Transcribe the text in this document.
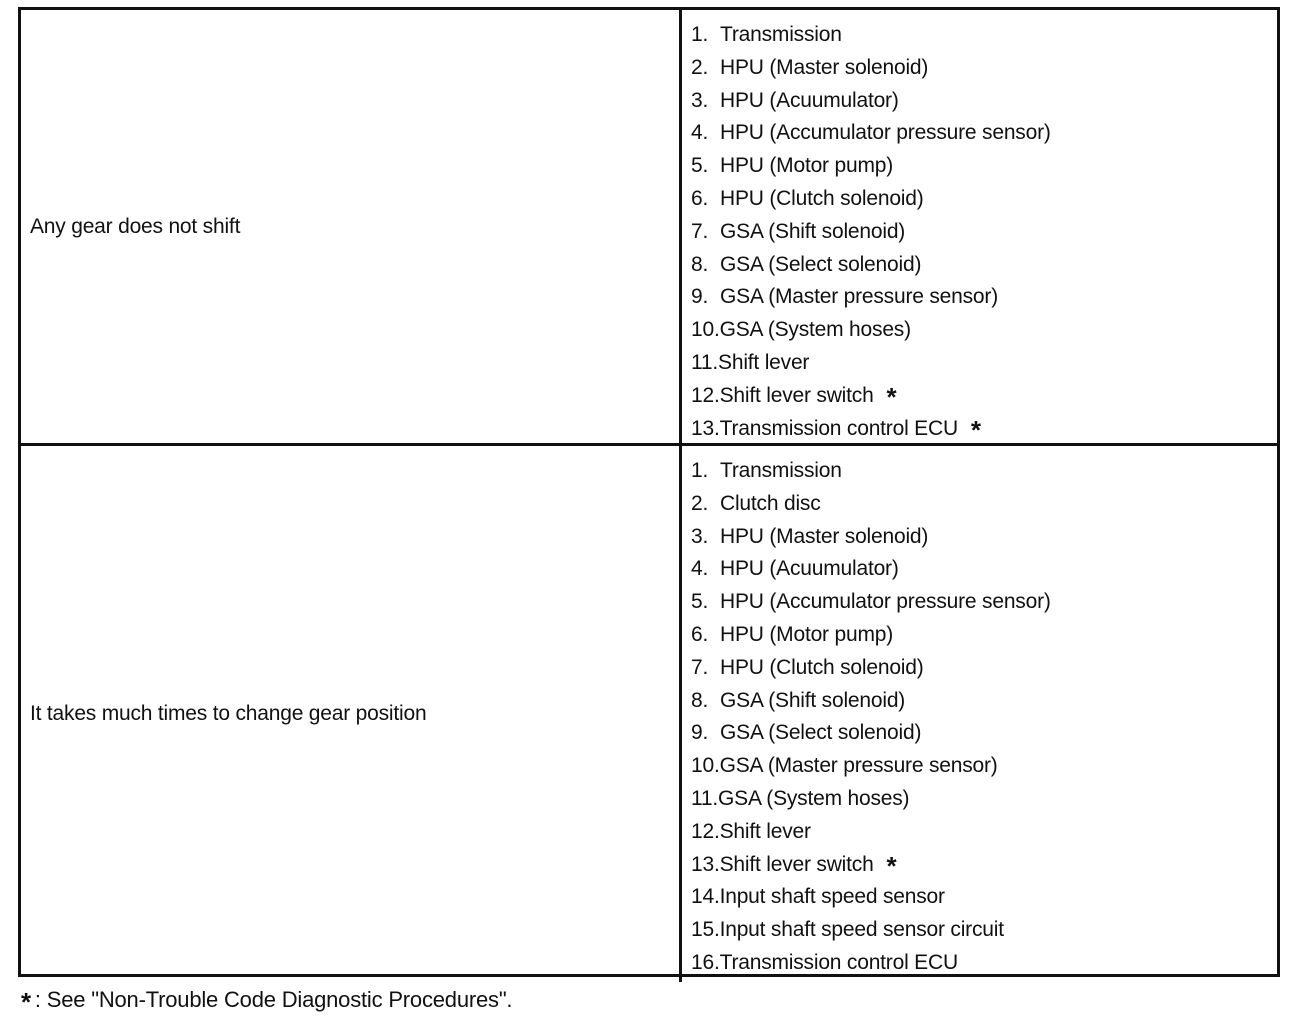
Any gear does not shift
1. Transmission
2. HPU (Master solenoid)
3. HPU (Acuumulator)
4. HPU (Accumulator pressure sensor)
5. HPU (Motor pump)
6. HPU (Clutch solenoid)
7. GSA (Shift solenoid)
8. GSA (Select solenoid)
9. GSA (Master pressure sensor)
10.GSA (System hoses)
11.Shift lever
12.Shift lever switch *
13.Transmission control ECU *
It takes much times to change gear position
1. Transmission
2. Clutch disc
3. HPU (Master solenoid)
4. HPU (Acuumulator)
5. HPU (Accumulator pressure sensor)
6. HPU (Motor pump)
7. HPU (Clutch solenoid)
8. GSA (Shift solenoid)
9. GSA (Select solenoid)
10.GSA (Master pressure sensor)
11.GSA (System hoses)
12.Shift lever
13.Shift lever switch *
14.Input shaft speed sensor
15.Input shaft speed sensor circuit
16.Transmission control ECU
* : See "Non-Trouble Code Diagnostic Procedures".
